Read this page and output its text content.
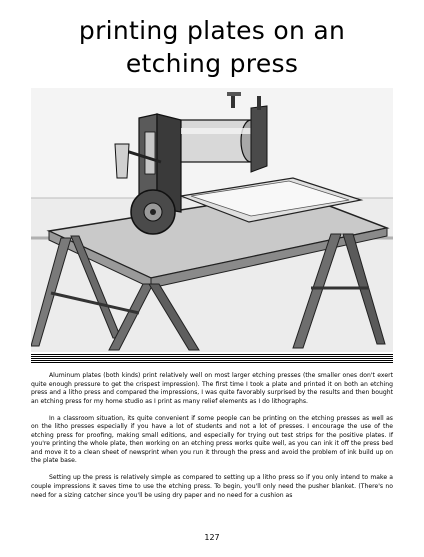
printing plates on an
etching press

Aluminum plates (both kinds) print relatively well on most larger etching presses (the smaller ones don't exert quite enough pressure to get the crispest impression). The first time I took a plate and printed it on both an etching press and a litho press and compared the impressions, I was quite favorably surprised by the results and then bought an etching press for my home studio as I print as many relief elements as I do lithographs.

In a classroom situation, its quite convenient if some people can be printing on the etching presses as well as on the litho presses especially if you have a lot of students and not a lot of presses. I encourage the use of the etching press for proofing, making small editions, and especially for trying out test strips for the positive plates. If you're printing the whole plate, then working on an etching press works quite well, as you can ink it off the press bed and move it to a clean sheet of newsprint when you run it through the press and avoid the problem of ink build up on the plate base.

Setting up the press is relatively simple as compared to setting up a litho press so if you only intend to make a couple impressions it saves time to use the etching press. To begin, you'll only need the pusher blanket. (There's no need for a sizing catcher since you'll be using dry paper and no need for a cushion as

127
